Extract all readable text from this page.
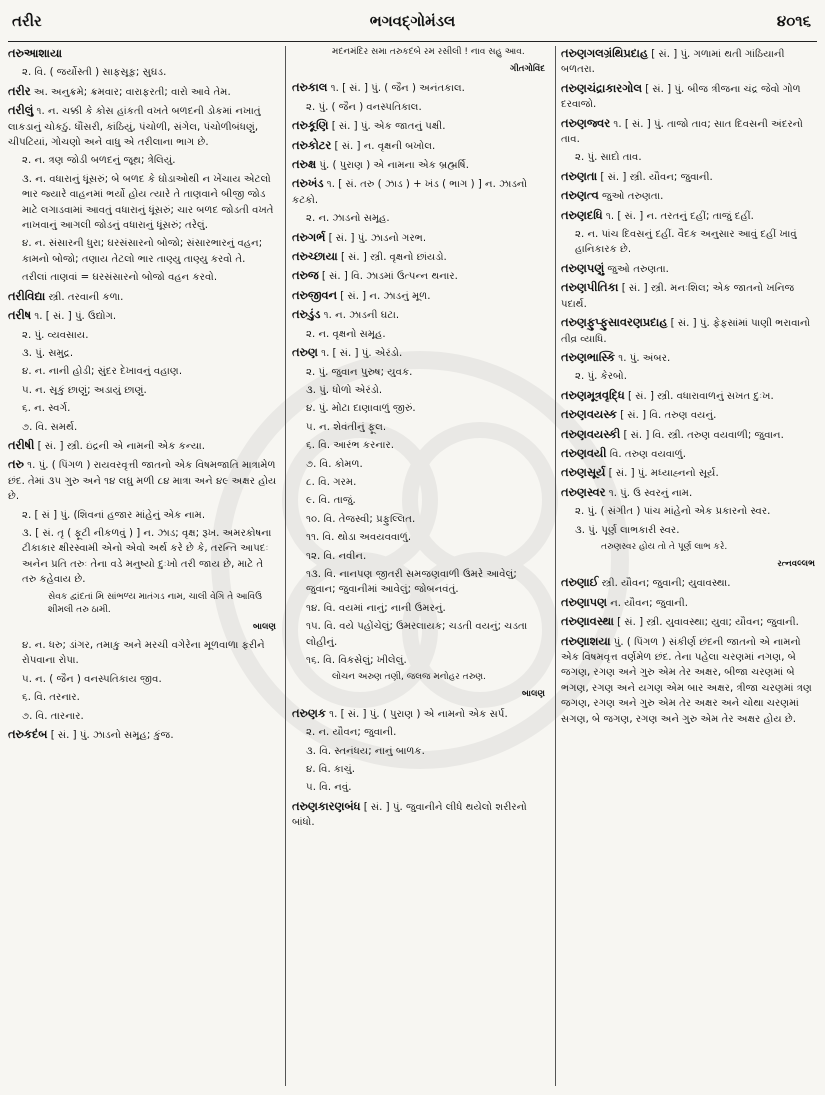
તરીર	ભગવદ્ગોમંડલ	૪૦૧૬
તરુઆશાયા
૨. વિ. ( જર્યોસ્તી ) સાફસૂફ; સુઘડ.
તરીર અ. અનુક્રમે; ક્રમવાર; વારાફરતી; વારો આવે તેમ.
તરીલું ૧. ન. ચક્કી કે કોસ હાંકતી વખતે બળદની ડોકમાં નખાતું લાકડાનું ચોકઠું. ધૌંસરી, કાંઠિયું, પંચોળી, સંગેલ, પંચોળીબંધણું, ચીપટિયાં, ગોચણો અને વાધુ એ તરીલાના ભાગ છે.
૨. ન. ત્રણ જોડી બળદનું જૂથ; ત્રેલિયું.
૩. ન. વધારાનું ધૂંસરું; બે બળદ કે ઘોડાઓથી ન ખેંચાય એટલો ભાર જ્યારે વાહનમાં ભર્યો હોય ત્યારે તે તાણવાને બીજી જોડ માટે લગાડવામાં આવતું વધારાનું ધૂંસરું; ચાર બળદ જોડતી વખતે નાખવાનું આગલી જોડનું વધારાનું ધૂંસરું; તરેલું.
૪. ન. સંસારની ધુરા; ઘરસંસારનો બોજો; સંસારભારનું વહન; કામનો બોજો; તણાય તેટલો ભાર તાણ્યુ તાણ્યુ કરવો તે.
તરીલાં તાણવાં = ઘરસંસારનો બોજો વહન કરવો.
તરીવિદ્યા સ્ત્રી. તરવાની કળા.
તરીષ ૧. [ સં. ] પું. ઉદ્યોગ.
૨. પું. વ્યવસાય.
૩. પું. સમુદ્ર.
૪. ન. નાની હોડી; સુંદર દેખાવનું વહાણ.
૫. ન. સૂકું છાણું; અડાયું છાણું.
૬. ન. સ્વર્ગ.
૭. વિ. સમર્થ.
તરીષી [ સં. ] સ્ત્રી. ઇંદ્રની એ નામની એક કન્યા.
તરુ ૧. પું. ( પિંગળ ) રાયવરવૃત્તી જાતનો એક વિષમજાતિ માત્રામેળ છંદ. તેમાં ૩૫ ગુરુ અને ૧૪ લઘુ મળી ૮૪ માત્રા અને ૪૯ અક્ષર હોય છે.
૨. [ સં ] પું. (શિવનાં હજાર માંહેનું એક નામ.
૩. [ સં. તૃ ( ફૂટી નીકળવું ) ] ન. ઝાડ; વૃક્ષ; રૂખ. અમરકોષના ટીકાકાર ક્ષીરસ્વામી એનો એવો અર્થ કરે છે કે, તરન્તિ આપદઃ અનેન પ્રતિ તરુઃ તેના વડે મનુષ્યો દુઃખો તરી જાય છે, માટે તે તરુ કહેવાય છે.
સેવક દ્વાંદતાં મિ સાંભળ્ય માતંગડ નામ, ચાલી વેગિ તે આવિઉ શીમલી તરુ ઠામી.
બાલણ
૪. ન. ધરુ; ડાંગર, તમાકુ અને મરચી વગેરેના મૂળવાળા ફરીને રોપવાના રોપા.
૫. ન. ( જૈન ) વનસ્પતિકાય જીવ.
૬. વિ. તરનાર.
૭. વિ. તારનાર.
તરુકદંબ [ સં. ] પું. ઝાડનો સમૂહ; કુંજ.
મદનમંદિર સમા તરુકદંબે રમ રસીલી ! નાવ સહુ આવ.
ગીતગોવિંદ
તરુકાલ ૧. [ સં. ] પું. ( જૈન ) અનંતકાલ.
૨. પું. ( જૈન ) વનસ્પતિકાલ.
તરુકૂણિ [ સં. ] પું. એક જાતનું પક્ષી.
તરુકોટર [ સં. ] ન. વૃક્ષની બખોલ.
તરુક્ષ પું. ( પુરાણ ) એ નામના એક બ્રહ્મર્ષિ.
તરુખંડ ૧. [ સં. તરુ ( ઝાડ ) + ખંડ ( ભાગ ) ] ન. ઝાડનો કટકો.
૨. ન. ઝાડનો સમૂહ.
તરુગર્ભ [ સં. ] પું. ઝાડનો ગરભ.
તરુચ્છાયા [ સં. ] સ્ત્રી. વૃક્ષનો છાંયડો.
તરુજ [ સં. ] વિ. ઝાડમાં ઉત્પન્ન થનાર.
તરુજીવન [ સં. ] ન. ઝાડનું મૂળ.
તરુડુંડ ૧. ન. ઝાડની ઘટા.
૨. ન. વૃક્ષનો સમૂહ.
તરુણ ૧. [ સં. ] પું. એરંડો.
૨. પું. જુવાન પુરુષ; યુવક.
૩. પું. ધોળો એરંડો.
૪. પું. મોટા દાણાવાળું જીરું.
૫. ન. શેવંતીનું ફૂલ.
૬. વિ. આરંભ કરનાર.
૭. વિ. કોમળ.
૮. વિ. ગરમ.
૯. વિ. તાજું.
૧૦. વિ. તેજસ્વી; પ્રફુલ્લિત.
૧૧. વિ. થોડા અવયવવાળું.
૧૨. વિ. નવીન.
૧૩. વિ. નાનપણ જીતરી સમજણવાળી ઉમરે આવેલું; જુવાન; જુવાનીમાં આવેલું; જોબનવંતું.
૧૪. વિ. વયમાં નાનું; નાની ઉમરનું.
૧૫. વિ. વયે પહોંચેલું; ઉમરલાયક; ચડતી વયનું; ચડતા લોહીનું.
૧૬. વિ. વિકસેલું; ખીલેલું.
લોચન અરુણ તણી, જલજ મનોહર તરુણ.
બાલણ
તરુણક ૧. [ સં. ] પું. ( પુરાણ ) એ નામનો એક સર્પ.
૨. ન. યૌવન; જુવાની.
૩. વિ. સ્તનંધય; નાનું બાળક.
૪. વિ. કાચું.
૫. વિ. નવું.
તરુણકારણબંધ [ સં. ] પું. જુવાનીને લીધે થયેલો શરીરનો બાંધો.
તરુણગલગ્રંથિપ્રદાહ [ સં. ] પું. ગળામાં થતી ગાંઠિયાની બળતરા.
તરુણચંદ્રાકારગોલ [ સં. ] પું. બીજ ત્રીજના ચંદ્ર જેવો ગોળ દરવાજો.
તરુણજ્વર ૧. [ સં. ] પું. તાજો તાવ; સાત દિવસની અંદરનો તાવ.
૨. પું. સાદો તાવ.
તરુણતા [ સં. ] સ્ત્રી. યૌવન; જુવાની.
તરુણત્વ જુઓ તરુણતા.
તરુણદધિ ૧. [ સં. ] ન. તરતનું દહીં; તાજું દહીં.
૨. ન. પાંચ દિવસનું દહીં. વૈદક અનુસાર આવું દહીં ખાવું હાનિકારક છે.
તરુણપણું જુઓ તરુણતા.
તરુણપીતિકા [ સં. ] સ્ત્રી. મનઃશિલ; એક જાતનો ખનિજ પદાર્થ.
તરુણફુપ્ફુસાવરણપ્રદાહ [ સં. ] પું. ફેફસાંમાં પાણી ભરાવાનો તીવ્ર વ્યાધિ.
તરુણભાસ્કિ ૧. પું. અંબર.
૨. પું. કેરબો.
તરુણમૂત્રવૃદ્ધિ [ સં. ] સ્ત્રી. વધારાવાળનું સખત દુઃખ.
તરુણવયસ્ક [ સં. ] વિ. તરુણ વયનું.
તરુણવયસ્કી [ સં. ] વિ. સ્ત્રી. તરુણ વયવાળી; જુવાન.
તરુણવયી વિ. તરુણ વયવાળું.
તરુણસૂર્ય [ સં. ] પું. મધ્યાહ્નનો સૂર્ય.
તરુણસ્વર ૧. પું. ઉ સ્વરનું નામ.
૨. પું. ( સંગીત ) પાંચ માંહેનો એક પ્રકારનો સ્વર.
૩. પું. પૂર્ણ લાભકારી સ્વર.
તરુણસ્વર હોય તો તે પૂર્ણ લાભ કરે.
રત્નવલ્લભ
તરુણાઈ સ્ત્રી. યૌવન; જુવાની; યુવાવસ્થા.
તરુણાપણ ન. યૌવન; જુવાની.
તરુણાવસ્થા [ સં. ] સ્ત્રી. યુવાવસ્થા; યુવા; યૌવન; જુવાની.
તરુણાશયા પું. ( પિંગળ ) સંકીર્ણ છંદની જાતનો એ નામનો એક વિષમવૃત્ત વર્ણમેળ છંદ. તેના પહેલા ચરણમાં નગણ, બે જગણ, રગણ અને ગુરુ એમ તેર અક્ષર, બીજા ચરણમાં બે ભગણ, રગણ અને યગણ એમ બાર અક્ષર, ત્રીજા ચરણમાં ત્રણ જગણ, રગણ અને ગુરુ એમ તેર અક્ષર અને ચોથા ચરણમાં સગણ, બે જગણ, રગણ અને ગુરુ એમ તેર અક્ષર હોય છે.
